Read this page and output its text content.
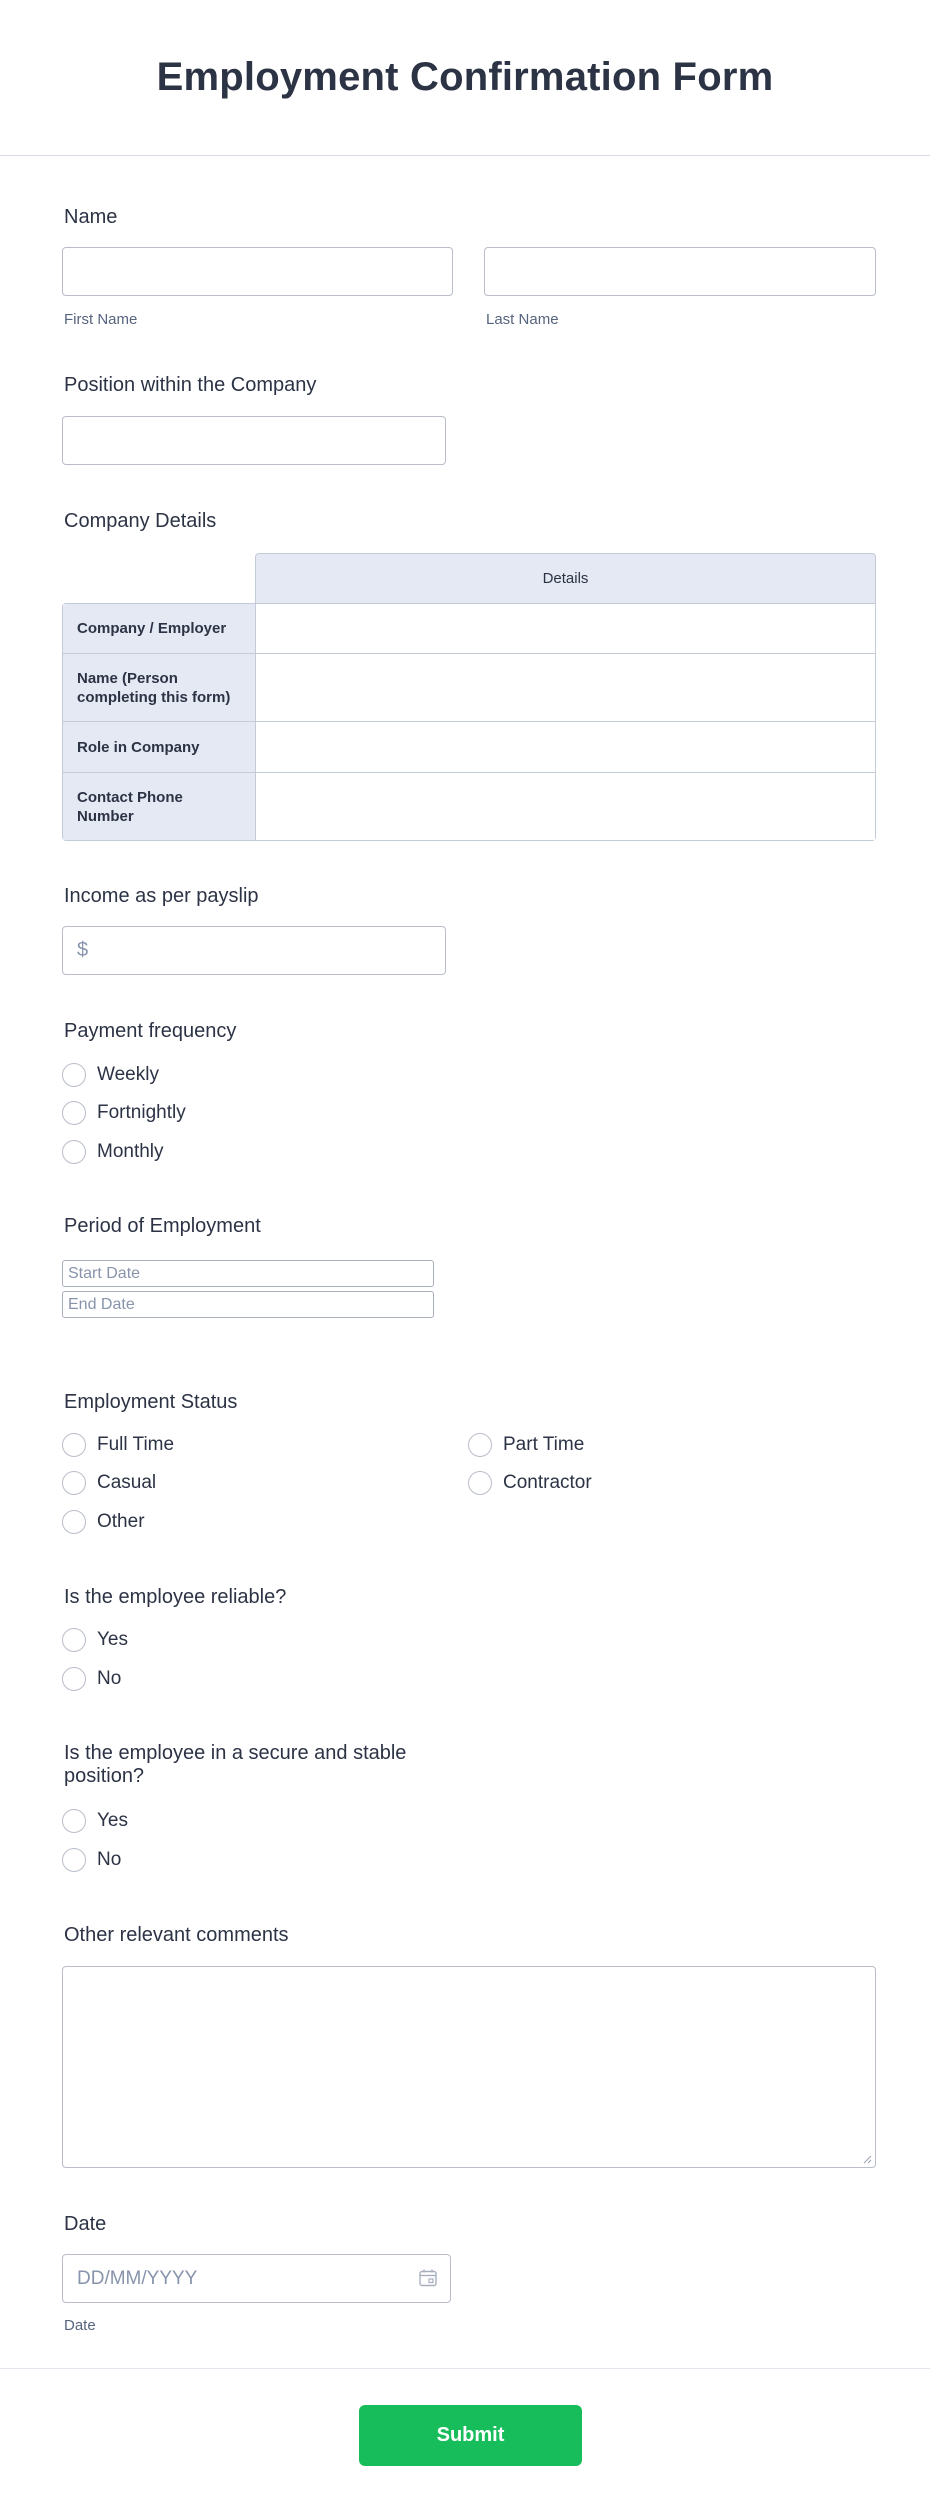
Employment Confirmation Form
Name
First Name	Last Name
Position within the Company
Company Details
Details
Company / Employer
Name (Person completing this form)
Role in Company
Contact Phone Number
Income as per payslip
$
Payment frequency
Weekly
Fortnightly
Monthly
Period of Employment
Start Date
End Date
Employment Status
Full Time	Part Time
Casual	Contractor
Other
Is the employee reliable?
Yes
No
Is the employee in a secure and stable
position?
Yes
No
Other relevant comments
Date
DD/MM/YYYY
Date
Submit
